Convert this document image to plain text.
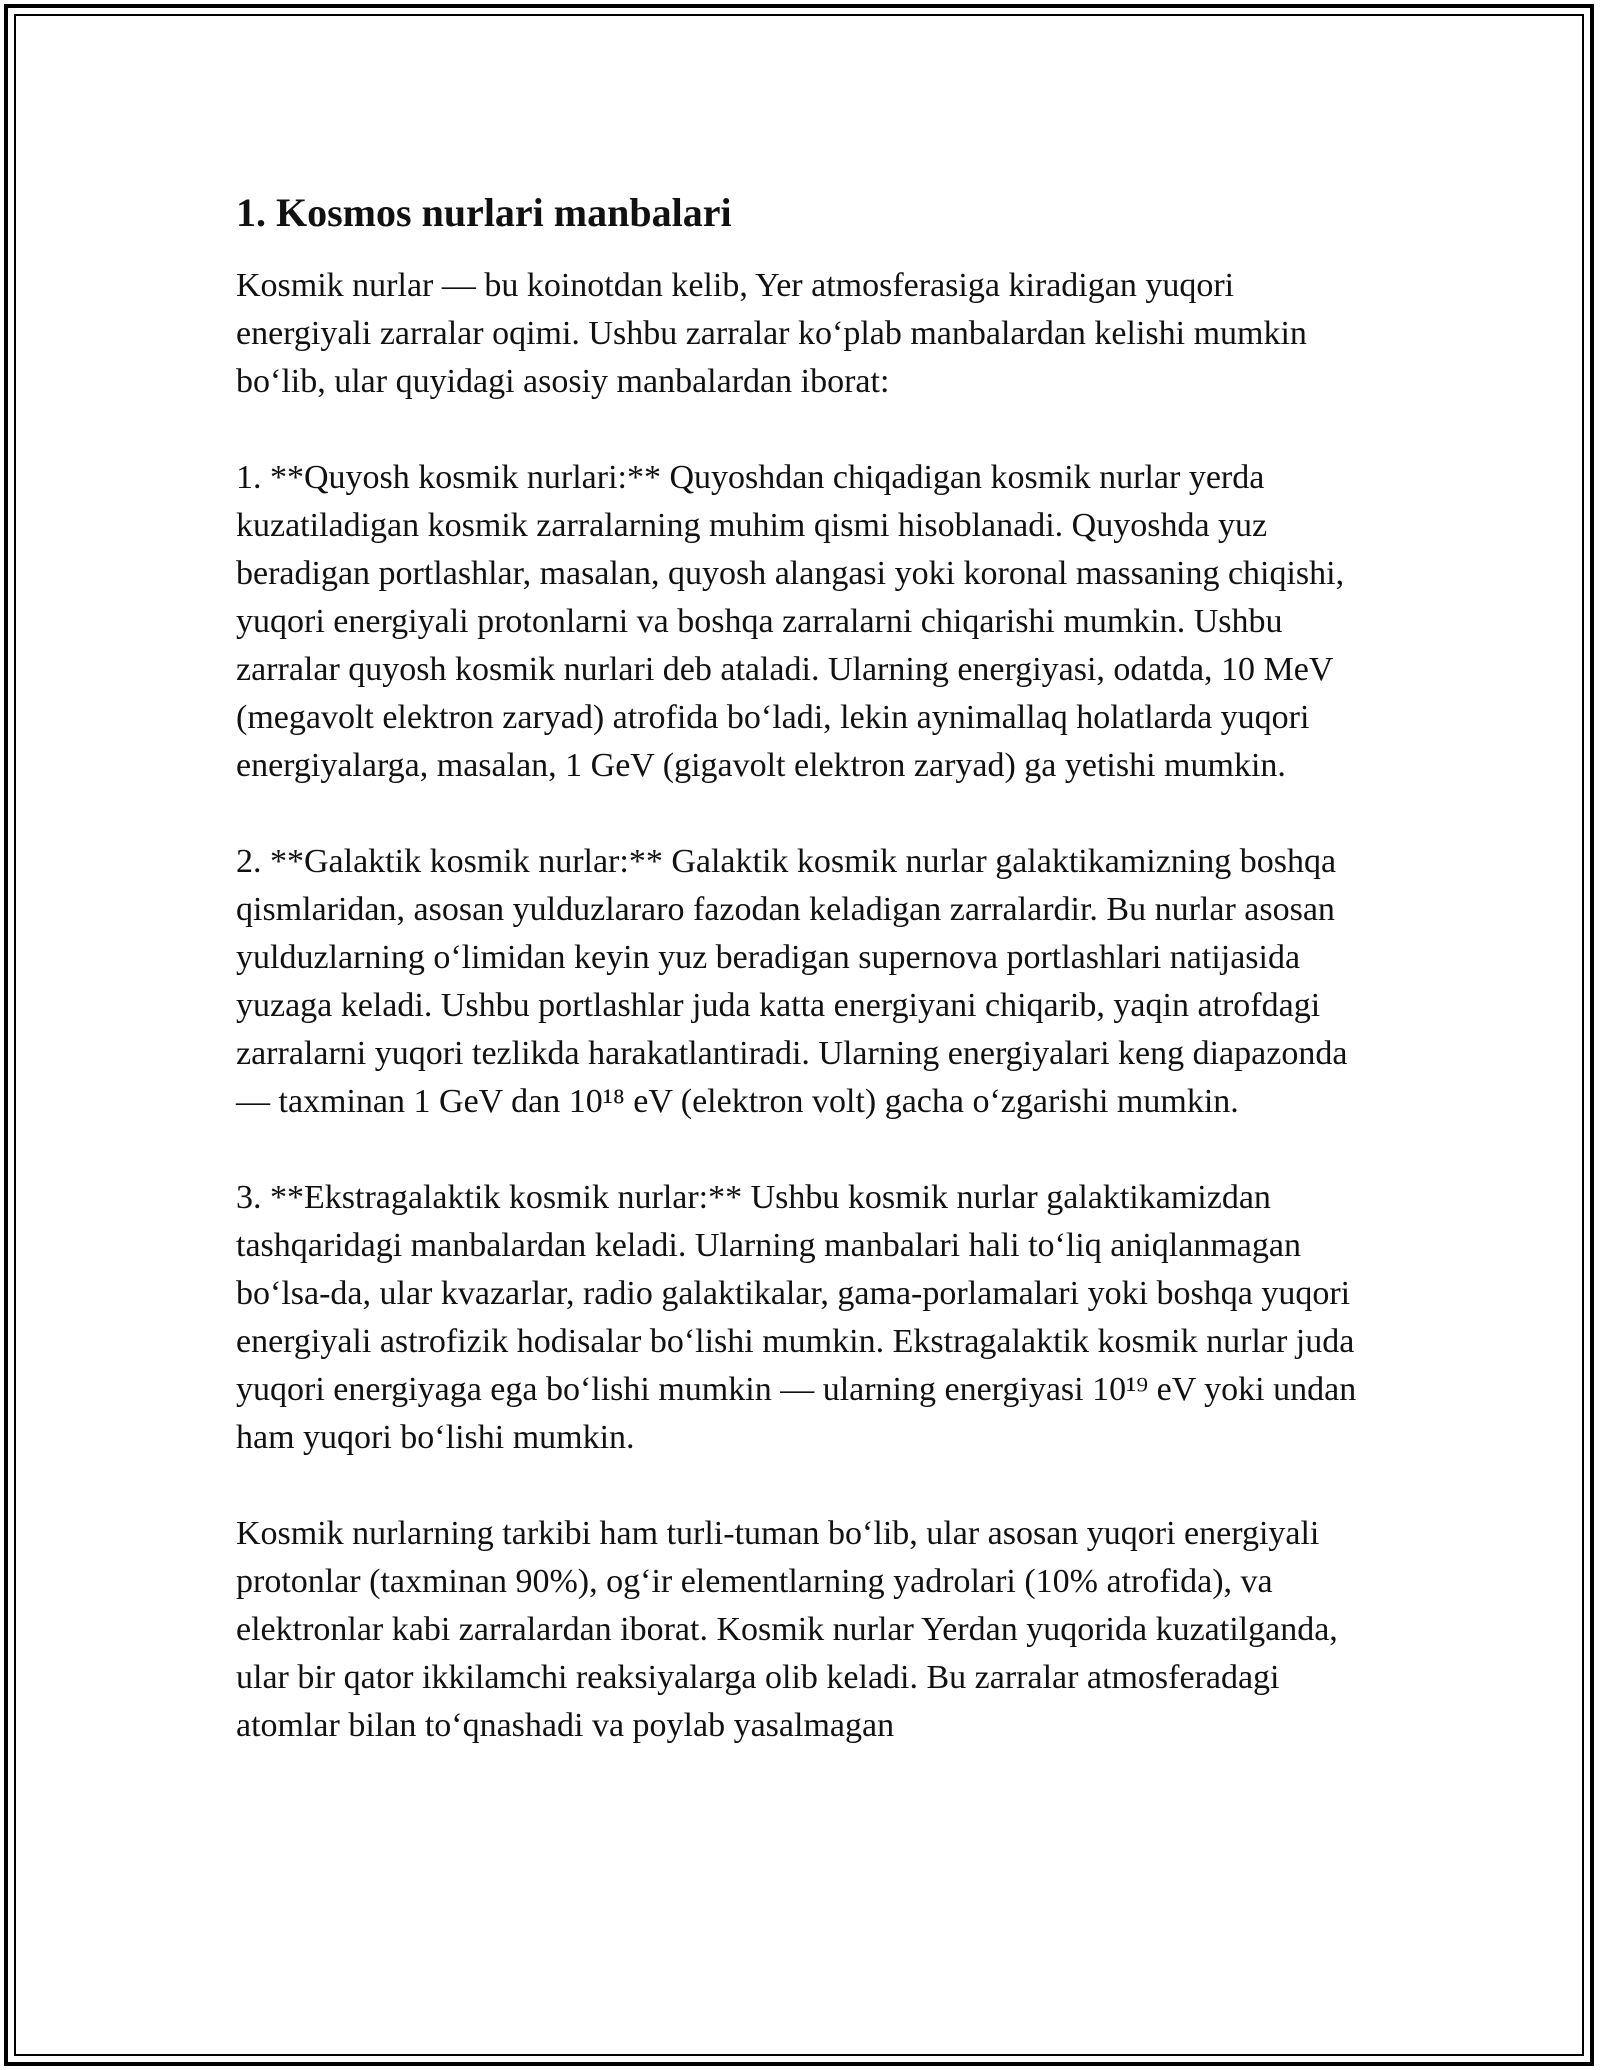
1. Kosmos nurlari manbalari

Kosmik nurlar — bu koinotdan kelib, Yer atmosferasiga kiradigan yuqori energiyali zarralar oqimi. Ushbu zarralar ko‘plab manbalardan kelishi mumkin bo‘lib, ular quyidagi asosiy manbalardan iborat:

1. **Quyosh kosmik nurlari:** Quyoshdan chiqadigan kosmik nurlar yerda kuzatiladigan kosmik zarralarning muhim qismi hisoblanadi. Quyoshda yuz beradigan portlashlar, masalan, quyosh alangasi yoki koronal massaning chiqishi, yuqori energiyali protonlarni va boshqa zarralarni chiqarishi mumkin. Ushbu zarralar quyosh kosmik nurlari deb ataladi. Ularning energiyasi, odatda, 10 MeV (megavolt elektron zaryad) atrofida bo‘ladi, lekin aynimallaq holatlarda yuqori energiyalarga, masalan, 1 GeV (gigavolt elektron zaryad) ga yetishi mumkin.

2. **Galaktik kosmik nurlar:** Galaktik kosmik nurlar galaktikamizning boshqa qismlaridan, asosan yulduzlararo fazodan keladigan zarralardir. Bu nurlar asosan yulduzlarning o‘limidan keyin yuz beradigan supernova portlashlari natijasida yuzaga keladi. Ushbu portlashlar juda katta energiyani chiqarib, yaqin atrofdagi zarralarni yuqori tezlikda harakatlantiradi. Ularning energiyalari keng diapazonda — taxminan 1 GeV dan 10¹⁸ eV (elektron volt) gacha o‘zgarishi mumkin.

3. **Ekstragalaktik kosmik nurlar:** Ushbu kosmik nurlar galaktikamizdan tashqaridagi manbalardan keladi. Ularning manbalari hali to‘liq aniqlanmagan bo‘lsa-da, ular kvazarlar, radio galaktikalar, gama-porlamalari yoki boshqa yuqori energiyali astrofizik hodisalar bo‘lishi mumkin. Ekstragalaktik kosmik nurlar juda yuqori energiyaga ega bo‘lishi mumkin — ularning energiyasi 10¹⁹ eV yoki undan ham yuqori bo‘lishi mumkin.

Kosmik nurlarning tarkibi ham turli-tuman bo‘lib, ular asosan yuqori energiyali protonlar (taxminan 90%), og‘ir elementlarning yadrolari (10% atrofida), va elektronlar kabi zarralardan iborat. Kosmik nurlar Yerdan yuqorida kuzatilganda, ular bir qator ikkilamchi reaksiyalarga olib keladi. Bu zarralar atmosferadagi atomlar bilan to‘qnashadi va poylab yasalmagan
